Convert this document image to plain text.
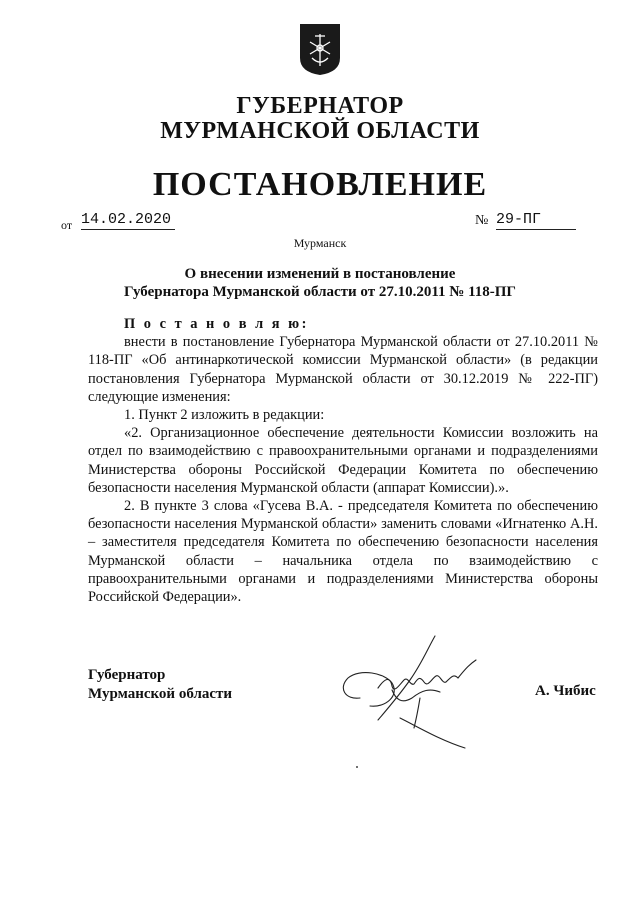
ГУБЕРНАТОР
МУРМАНСКОЙ ОБЛАСТИ
ПОСТАНОВЛЕНИЕ
от 14.02.2020	№ 29-ПГ
Мурманск
О внесении изменений в постановление
Губернатора Мурманской области от 27.10.2011 № 118-ПГ

П о с т а н о в л я ю:

внести в постановление Губернатора Мурманской области от 27.10.2011 № 118-ПГ «Об антинаркотической комиссии Мурманской области» (в редакции постановления Губернатора Мурманской области от 30.12.2019 № 222-ПГ) следующие изменения:

1. Пункт 2 изложить в редакции:

«2. Организационное обеспечение деятельности Комиссии возложить на отдел по взаимодействию с правоохранительными органами и подразделениями Министерства обороны Российской Федерации Комитета по обеспечению безопасности населения Мурманской области (аппарат Комиссии).».

2. В пункте 3 слова «Гусева В.А. - председателя Комитета по обеспечению безопасности населения Мурманской области» заменить словами «Игнатенко А.Н. – заместителя председателя Комитета по обеспечению безопасности населения Мурманской области – начальника отдела по взаимодействию с правоохранительными органами и подразделениями Министерства обороны Российской Федерации».

Губернатор
Мурманской области	А. Чибис
